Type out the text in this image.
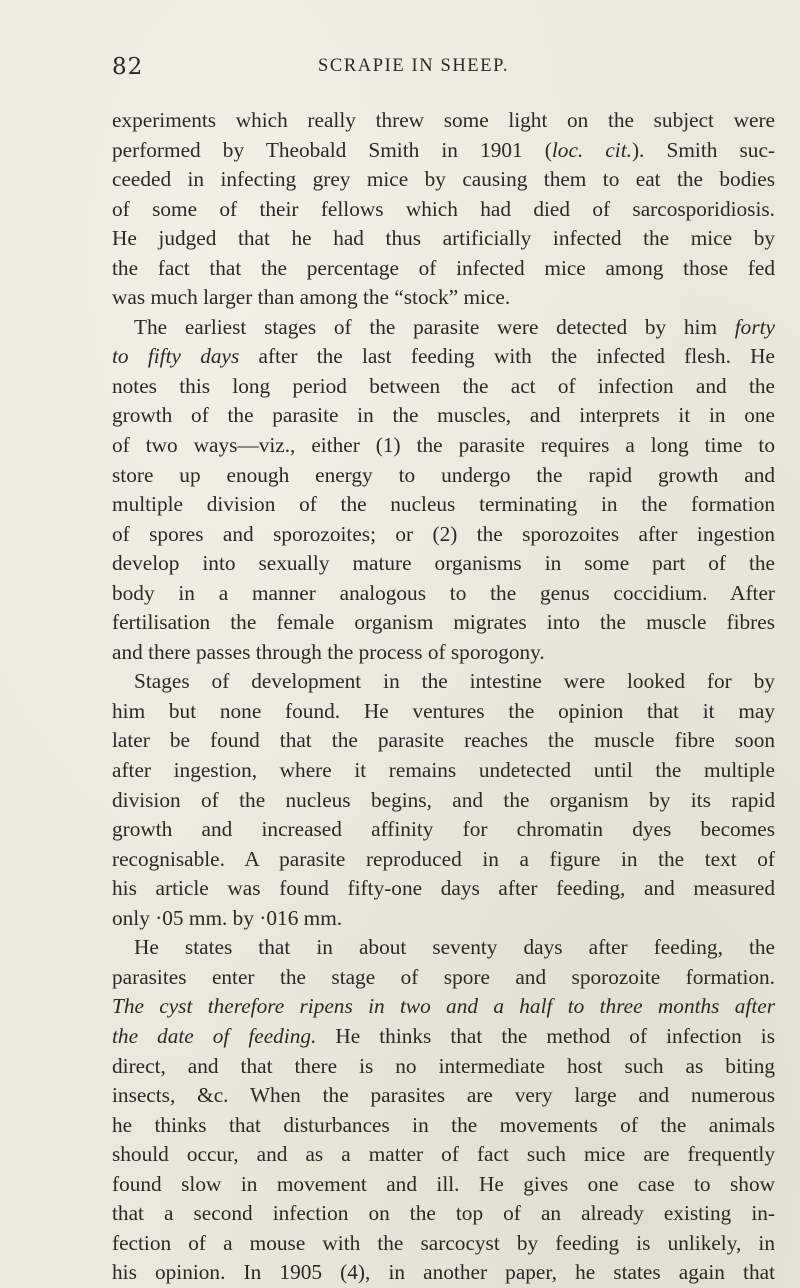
82	SCRAPIE IN SHEEP.
experiments which really threw some light on the subject were
performed by Theobald Smith in 1901 (loc. cit.). Smith suc-
ceeded in infecting grey mice by causing them to eat the bodies
of some of their fellows which had died of sarcosporidiosis.
He judged that he had thus artificially infected the mice by
the fact that the percentage of infected mice among those fed
was much larger than among the “stock” mice.
The earliest stages of the parasite were detected by him forty
to fifty days after the last feeding with the infected flesh. He
notes this long period between the act of infection and the
growth of the parasite in the muscles, and interprets it in one
of two ways—viz., either (1) the parasite requires a long time to
store up enough energy to undergo the rapid growth and
multiple division of the nucleus terminating in the formation
of spores and sporozoites; or (2) the sporozoites after ingestion
develop into sexually mature organisms in some part of the
body in a manner analogous to the genus coccidium. After
fertilisation the female organism migrates into the muscle fibres
and there passes through the process of sporogony.
Stages of development in the intestine were looked for by
him but none found. He ventures the opinion that it may
later be found that the parasite reaches the muscle fibre soon
after ingestion, where it remains undetected until the multiple
division of the nucleus begins, and the organism by its rapid
growth and increased affinity for chromatin dyes becomes
recognisable. A parasite reproduced in a figure in the text of
his article was found fifty-one days after feeding, and measured
only ·05 mm. by ·016 mm.
He states that in about seventy days after feeding, the
parasites enter the stage of spore and sporozoite formation.
The cyst therefore ripens in two and a half to three months after
the date of feeding. He thinks that the method of infection is
direct, and that there is no intermediate host such as biting
insects, &c. When the parasites are very large and numerous
he thinks that disturbances in the movements of the animals
should occur, and as a matter of fact such mice are frequently
found slow in movement and ill. He gives one case to show
that a second infection on the top of an already existing in-
fection of a mouse with the sarcocyst by feeding is unlikely, in
his opinion. In 1905 (4), in another paper, he states again that
